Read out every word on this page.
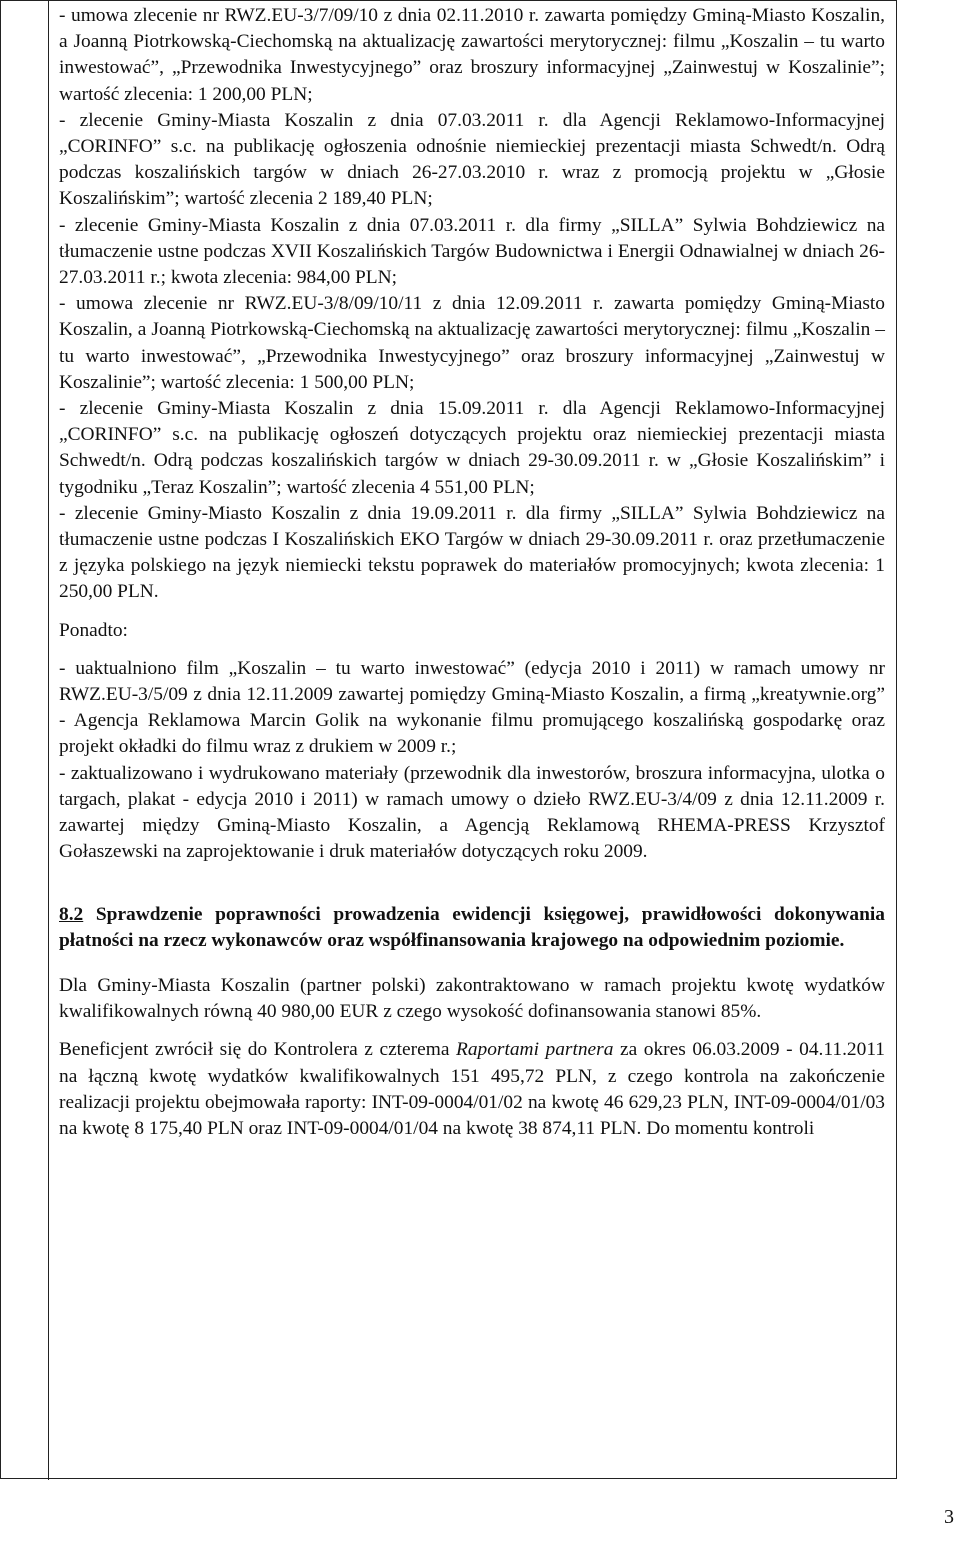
- umowa zlecenie nr RWZ.EU-3/7/09/10 z dnia 02.11.2010 r. zawarta pomiędzy Gminą-Miasto Koszalin, a Joanną Piotrkowską-Ciechomską na aktualizację zawartości merytorycznej: filmu „Koszalin – tu warto inwestować”, „Przewodnika Inwestycyjnego” oraz broszury informacyjnej „Zainwestuj w Koszalinie”; wartość zlecenia: 1 200,00 PLN;

- zlecenie Gminy-Miasta Koszalin z dnia 07.03.2011 r. dla Agencji Reklamowo-Informacyjnej „CORINFO” s.c. na publikację ogłoszenia odnośnie niemieckiej prezentacji miasta Schwedt/n. Odrą podczas koszalińskich targów w dniach 26-27.03.2010 r. wraz z promocją projektu w „Głosie Koszalińskim”; wartość zlecenia 2 189,40 PLN;

- zlecenie Gminy-Miasta Koszalin z dnia 07.03.2011 r. dla firmy „SILLA” Sylwia Bohdziewicz na tłumaczenie ustne podczas XVII Koszalińskich Targów Budownictwa i Energii Odnawialnej w dniach 26-27.03.2011 r.; kwota zlecenia: 984,00 PLN;

- umowa zlecenie nr RWZ.EU-3/8/09/10/11 z dnia 12.09.2011 r. zawarta pomiędzy Gminą-Miasto Koszalin, a Joanną Piotrkowską-Ciechomską na aktualizację zawartości merytorycznej: filmu „Koszalin – tu warto inwestować”, „Przewodnika Inwestycyjnego” oraz broszury informacyjnej „Zainwestuj w Koszalinie”; wartość zlecenia: 1 500,00 PLN;

- zlecenie Gminy-Miasta Koszalin z dnia 15.09.2011 r. dla Agencji Reklamowo-Informacyjnej „CORINFO” s.c. na publikację ogłoszeń dotyczących projektu oraz niemieckiej prezentacji miasta Schwedt/n. Odrą podczas koszalińskich targów w dniach 29-30.09.2011 r. w „Głosie Koszalińskim” i tygodniku „Teraz Koszalin”; wartość zlecenia 4 551,00 PLN;

- zlecenie Gminy-Miasto Koszalin z dnia 19.09.2011 r. dla firmy „SILLA” Sylwia Bohdziewicz na tłumaczenie ustne podczas I Koszalińskich EKO Targów w dniach 29-30.09.2011 r. oraz przetłumaczenie z języka polskiego na język niemiecki tekstu poprawek do materiałów promocyjnych; kwota zlecenia: 1 250,00 PLN.

Ponadto:

- uaktualniono film „Koszalin – tu warto inwestować” (edycja 2010 i 2011) w ramach umowy nr RWZ.EU-3/5/09 z dnia 12.11.2009 zawartej pomiędzy Gminą-Miasto Koszalin, a firmą „kreatywnie.org” - Agencja Reklamowa Marcin Golik na wykonanie filmu promującego koszalińską gospodarkę oraz projekt okładki do filmu wraz z drukiem w 2009 r.;

- zaktualizowano i wydrukowano materiały (przewodnik dla inwestorów, broszura informacyjna, ulotka o targach, plakat - edycja 2010 i 2011) w ramach umowy o dzieło RWZ.EU-3/4/09 z dnia 12.11.2009 r. zawartej między Gminą-Miasto Koszalin, a Agencją Reklamową RHEMA-PRESS Krzysztof Gołaszewski na zaprojektowanie i druk materiałów dotyczących roku 2009.

8.2 Sprawdzenie poprawności prowadzenia ewidencji księgowej, prawidłowości dokonywania płatności na rzecz wykonawców oraz współfinansowania krajowego na odpowiednim poziomie.

Dla Gminy-Miasta Koszalin (partner polski) zakontraktowano w ramach projektu kwotę wydatków kwalifikowalnych równą 40 980,00 EUR z czego wysokość dofinansowania stanowi 85%.

Beneficjent zwrócił się do Kontrolera z czterema Raportami partnera za okres 06.03.2009 - 04.11.2011 na łączną kwotę wydatków kwalifikowalnych 151 495,72 PLN, z czego kontrola na zakończenie realizacji projektu obejmowała raporty: INT-09-0004/01/02 na kwotę 46 629,23 PLN, INT-09-0004/01/03 na kwotę 8 175,40 PLN oraz INT-09-0004/01/04 na kwotę 38 874,11 PLN. Do momentu kontroli

3
